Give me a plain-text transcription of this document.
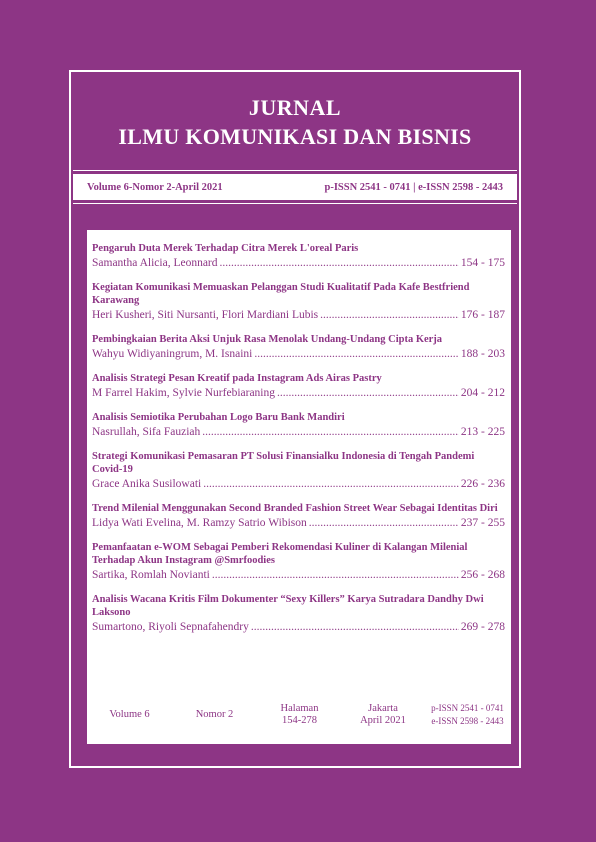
JURNAL
ILMU KOMUNIKASI DAN BISNIS
Volume 6-Nomor 2-April 2021	p-ISSN 2541 - 0741 | e-ISSN 2598 - 2443
Pengaruh Duta Merek Terhadap Citra Merek L'oreal Paris
Samantha Alicia, Leonnard .....	154 - 175
Kegiatan Komunikasi Memuaskan Pelanggan Studi Kualitatif Pada Kafe Bestfriend Karawang
Heri Kusheri, Siti Nursanti, Flori Mardiani Lubis .....	176 - 187
Pembingkaian Berita Aksi Unjuk Rasa Menolak Undang-Undang Cipta Kerja
Wahyu Widiyaningrum, M. Isnaini .....	188 - 203
Analisis Strategi Pesan Kreatif pada Instagram Ads Airas Pastry
M Farrel Hakim, Sylvie Nurfebiaraning .....	204 - 212
Analisis Semiotika Perubahan Logo Baru Bank Mandiri
Nasrullah, Sifa Fauziah .....	213 - 225
Strategi Komunikasi Pemasaran PT Solusi Finansialku Indonesia di Tengah Pandemi Covid-19
Grace Anika Susilowati .....	226 - 236
Trend Milenial Menggunakan Second Branded Fashion Street Wear Sebagai Identitas Diri
Lidya Wati Evelina, M. Ramzy Satrio Wibison .....	237 - 255
Pemanfaatan e-WOM Sebagai Pemberi Rekomendasi Kuliner di Kalangan Milenial Terhadap Akun Instagram @Smrfoodies
Sartika, Romlah Novianti .....	256 - 268
Analisis Wacana Kritis Film Dokumenter “Sexy Killers” Karya Sutradara Dandhy Dwi Laksono
Sumartono, Riyoli Sepnafahendry .....	269 - 278
Volume 6	Nomor 2
Halaman
154-278
Jakarta
April 2021
p-ISSN 2541 - 0741
e-ISSN 2598 - 2443
